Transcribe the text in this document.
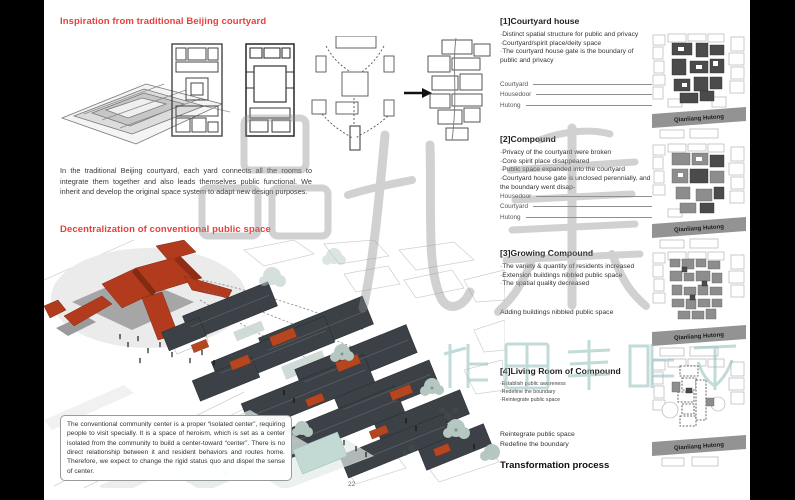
Inspiration from traditional Beijing courtyard
In the traditional Beijing courtyard, each yard connects all the rooms to integrate them together and also leads themselves public functional. We inherit and develop the original space system to adapt new design purposes.
Decentralization of conventional public space
The conventional community center is a proper “isolated center”, requiring people to visit specially. It is a space of heroism, which is set as a center isolated from the community to build a center-toward “center”. There is no direct relationship between it and resident behaviors and routes home. Therefore, we expect to change the rigid status quo and dispel the sense of center.
22
[1]Courtyard house
·Distinct spatial structure for public and privacy
·Courtyard/spirit place/deity space
·The courtyard house gate is the boundary of public and privacy
Courtyard
Housedoor
Hutong
[2]Compound
·Privacy of the courtyard were broken
·Core spirit place disappeared
·Public space expanded into the courtyard
·Courtyard house gate is unclosed perennially, and the boundary went disap-
Housedoor
Courtyard
Hutong
[3]Growing Compound
·The variety & quantity of residents increased
·Extension buildings nibbled public space
·The spatial quality decreased
Adding buildings nibbled public space
[4]Living Room of Compound
·Establish public awareness
·Redefine the boundary
·Reintegrate public space
Reintegrate public space
Redefine the boundary
Transformation process
Qianliang Hutong
Qianliang Hutong
Qianliang Hutong
Qianliang Hutong
